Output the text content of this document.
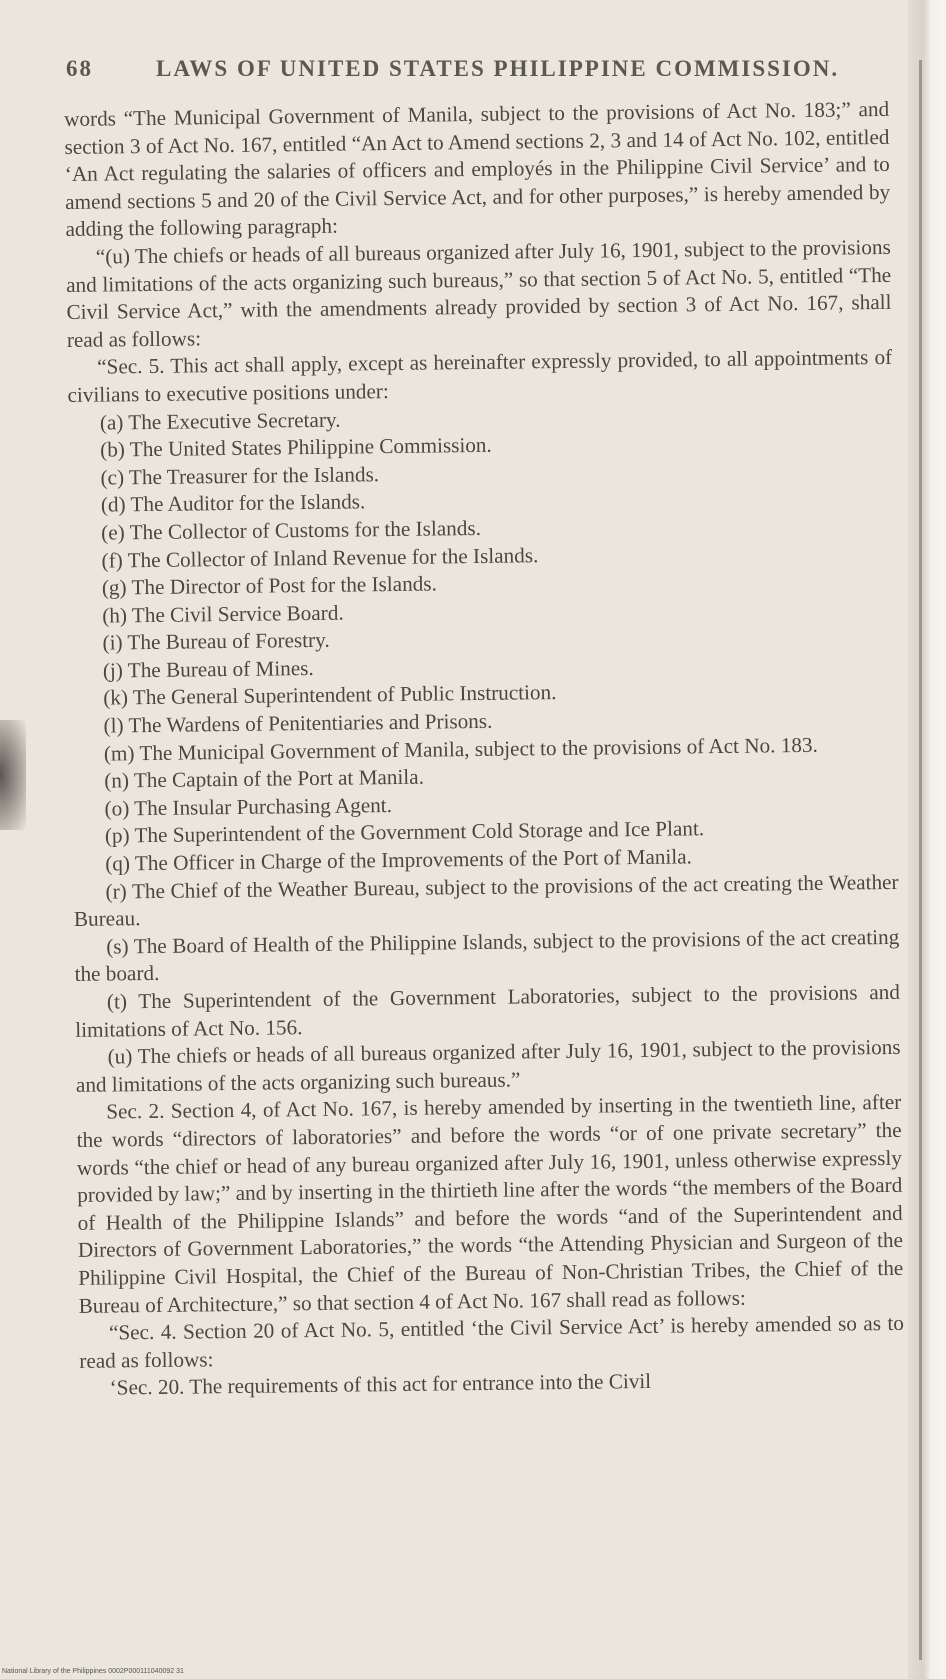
68	LAWS OF UNITED STATES PHILIPPINE COMMISSION.

words “The Municipal Government of Manila, subject to the provisions of Act No. 183;” and section 3 of Act No. 167, entitled “An Act to Amend sections 2, 3 and 14 of Act No. 102, entitled ‘An Act regulating the salaries of officers and employés in the Philippine Civil Service’ and to amend sections 5 and 20 of the Civil Service Act, and for other purposes,” is hereby amended by adding the following paragraph:

“(u) The chiefs or heads of all bureaus organized after July 16, 1901, subject to the provisions and limitations of the acts organizing such bureaus,” so that section 5 of Act No. 5, entitled “The Civil Service Act,” with the amendments already provided by section 3 of Act No. 167, shall read as follows:

“Sec. 5. This act shall apply, except as hereinafter expressly provided, to all appointments of civilians to executive positions under:

(a) The Executive Secretary.

(b) The United States Philippine Commission.

(c) The Treasurer for the Islands.

(d) The Auditor for the Islands.

(e) The Collector of Customs for the Islands.

(f) The Collector of Inland Revenue for the Islands.

(g) The Director of Post for the Islands.

(h) The Civil Service Board.

(i) The Bureau of Forestry.

(j) The Bureau of Mines.

(k) The General Superintendent of Public Instruction.

(l) The Wardens of Penitentiaries and Prisons.

(m) The Municipal Government of Manila, subject to the provisions of Act No. 183.

(n) The Captain of the Port at Manila.

(o) The Insular Purchasing Agent.

(p) The Superintendent of the Government Cold Storage and Ice Plant.

(q) The Officer in Charge of the Improvements of the Port of Manila.

(r) The Chief of the Weather Bureau, subject to the provisions of the act creating the Weather Bureau.

(s) The Board of Health of the Philippine Islands, subject to the provisions of the act creating the board.

(t) The Superintendent of the Government Laboratories, subject to the provisions and limitations of Act No. 156.

(u) The chiefs or heads of all bureaus organized after July 16, 1901, subject to the provisions and limitations of the acts organizing such bureaus.”

Sec. 2. Section 4, of Act No. 167, is hereby amended by inserting in the twentieth line, after the words “directors of laboratories” and before the words “or of one private secretary” the words “the chief or head of any bureau organized after July 16, 1901, unless otherwise expressly provided by law;” and by inserting in the thirtieth line after the words “the members of the Board of Health of the Philippine Islands” and before the words “and of the Superintendent and Directors of Government Laboratories,” the words “the Attending Physician and Surgeon of the Philippine Civil Hospital, the Chief of the Bureau of Non-Christian Tribes, the Chief of the Bureau of Architecture,” so that section 4 of Act No. 167 shall read as follows:

“Sec. 4. Section 20 of Act No. 5, entitled ‘the Civil Service Act’ is hereby amended so as to read as follows:

‘Sec. 20. The requirements of this act for entrance into the Civil

National Library of the Philippines 0002P000111040092 31
